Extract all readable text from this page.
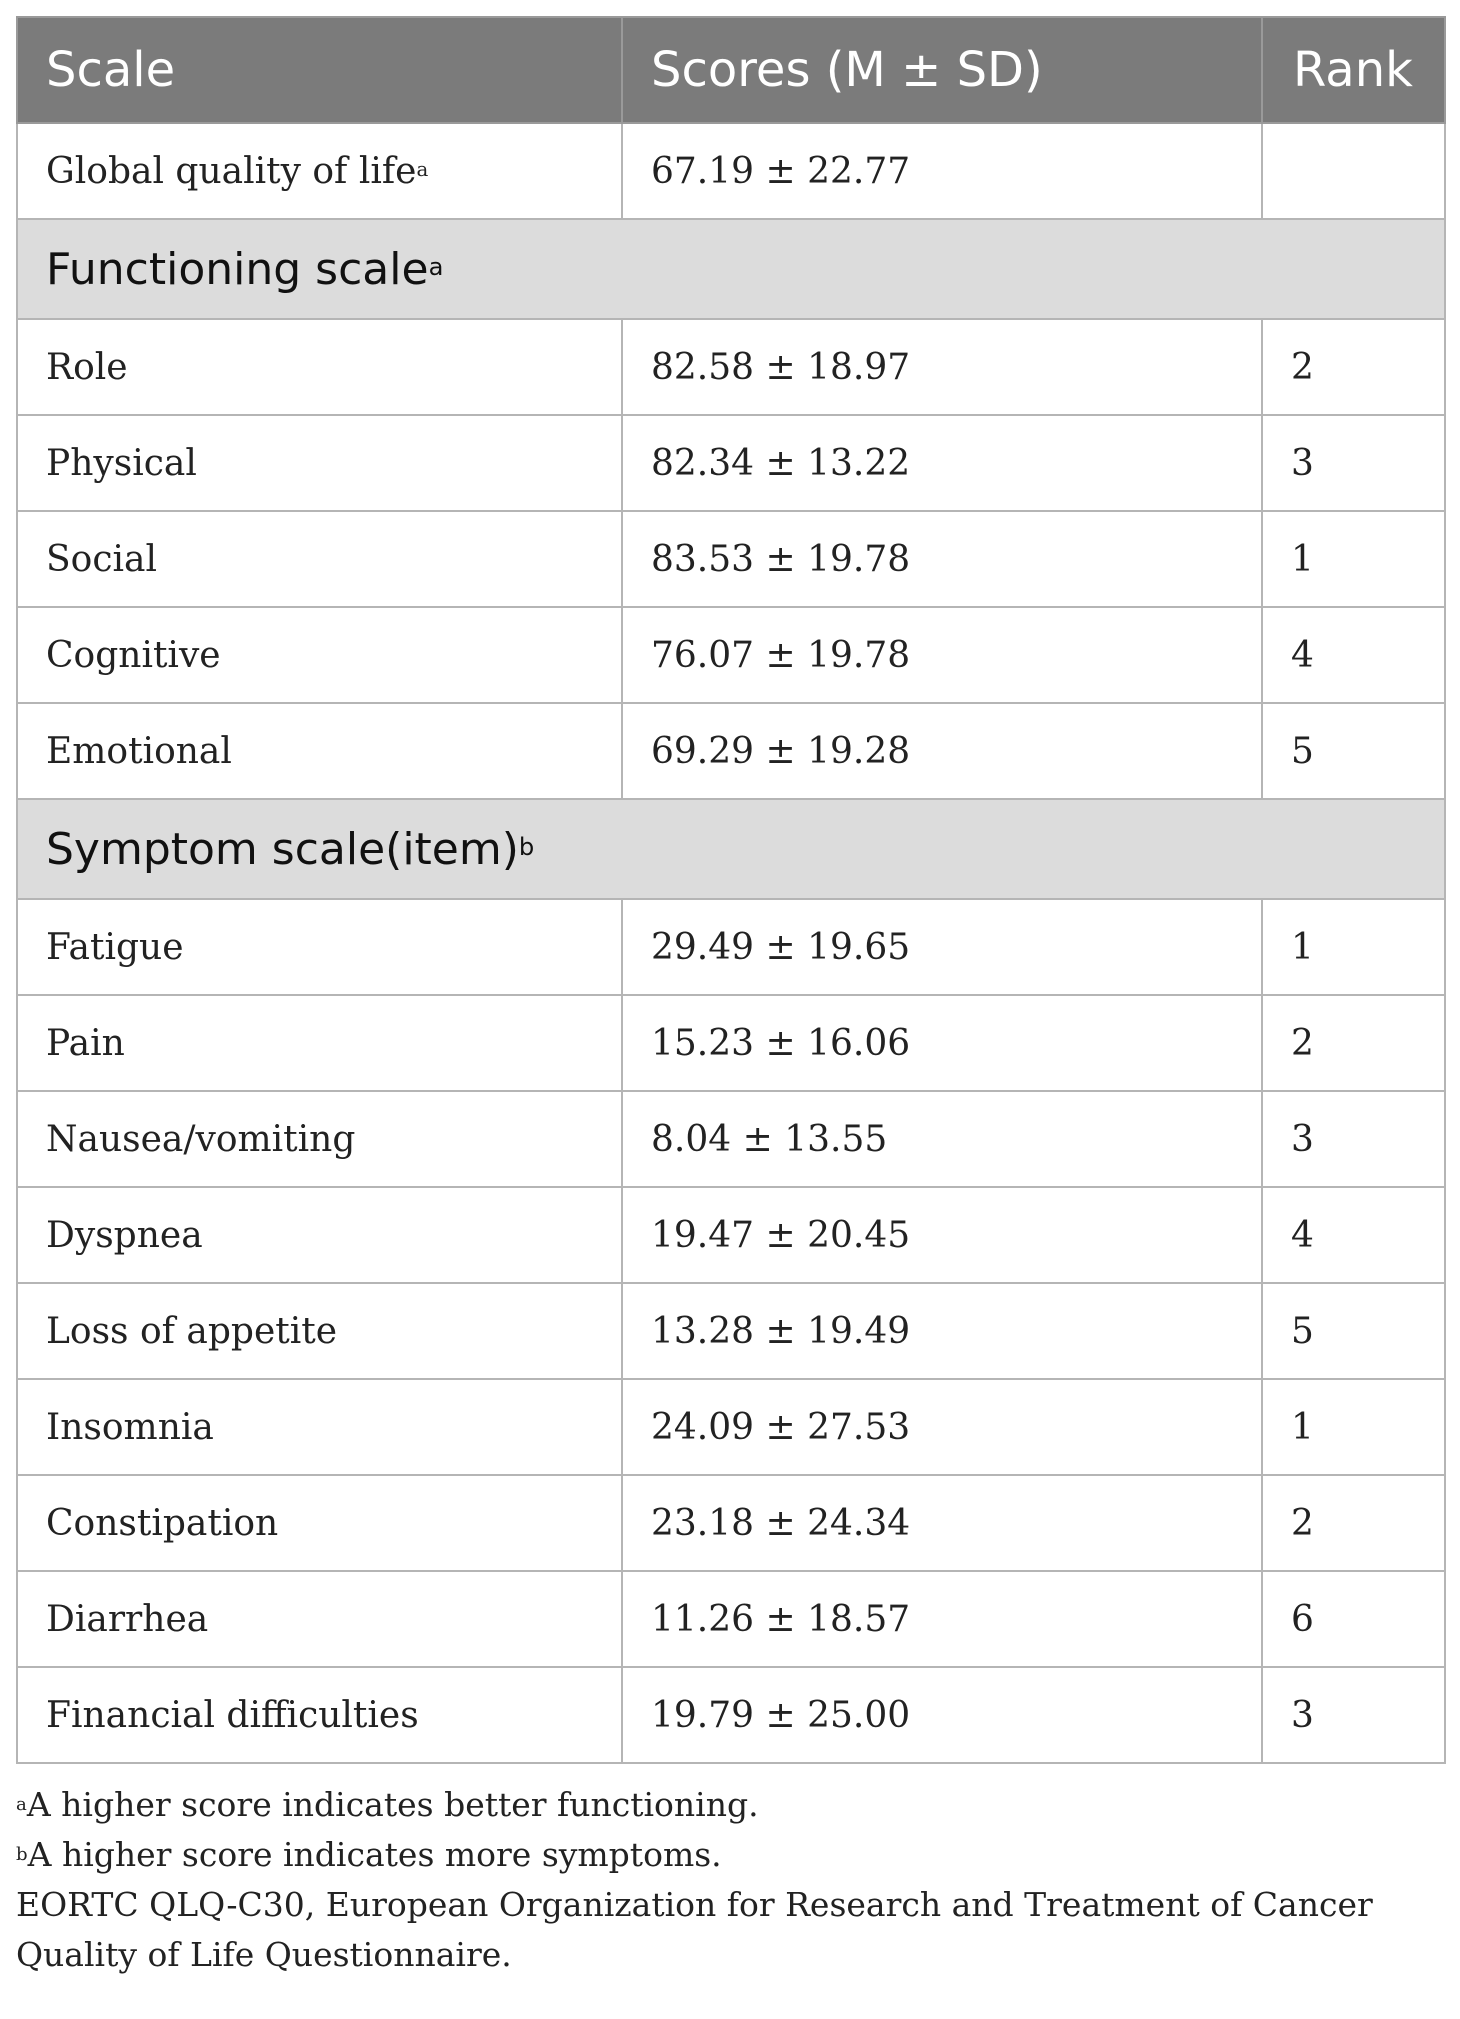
Scale	Scores (M ± SD)	Rank
Global quality of life$^a$	67.19 ± 22.77	
Functioning scale$^a$
Role	82.58 ± 18.97	2
Physical	82.34 ± 13.22	3
Social	83.53 ± 19.78	1
Cognitive	76.07 ± 19.78	4
Emotional	69.29 ± 19.28	5
Symptom scale(item)$^b$
Fatigue	29.49 ± 19.65	1
Pain	15.23 ± 16.06	2
Nausea/vomiting	8.04 ± 13.55	3
Dyspnea	19.47 ± 20.45	4
Loss of appetite	13.28 ± 19.49	5
Insomnia	24.09 ± 27.53	1
Constipation	23.18 ± 24.34	2
Diarrhea	11.26 ± 18.57	6
Financial difficulties	19.79 ± 25.00	3
$^a$A higher score indicates better functioning.
$^b$A higher score indicates more symptoms.
EORTC QLQ-C30, European Organization for Research and Treatment of Cancer Quality of Life Questionnaire.
